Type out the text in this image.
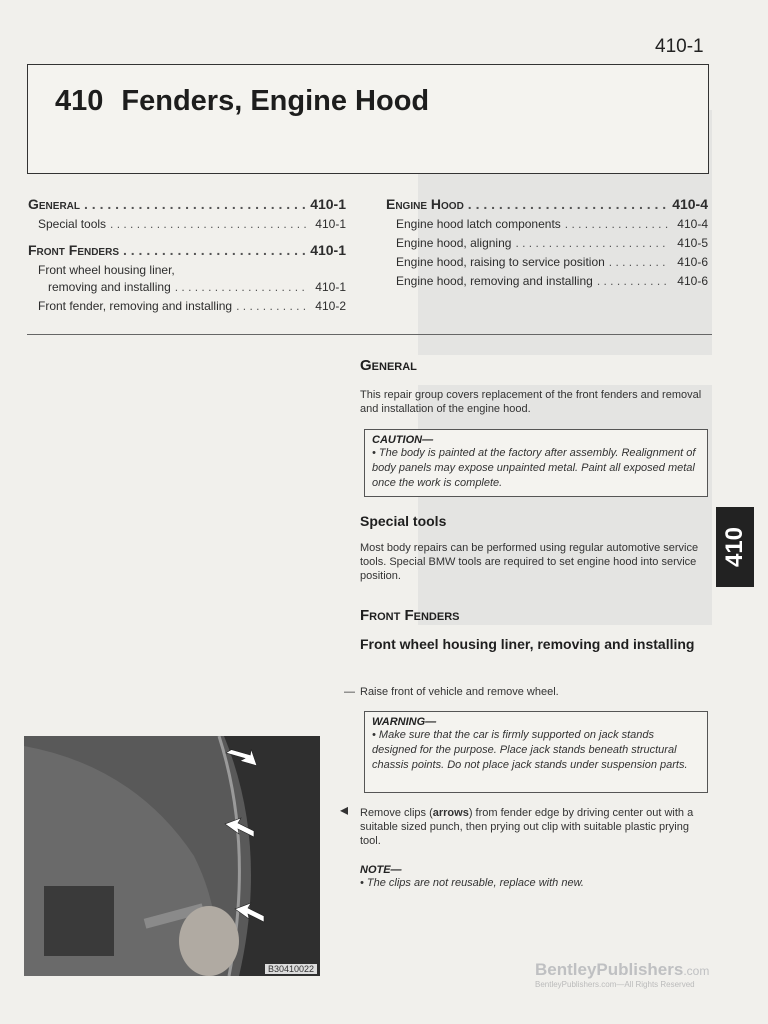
410-1
410 Fenders, Engine Hood
General . . .	410-1
Special tools . . .	410-1
Front Fenders . . .	410-1
Front wheel housing liner,
removing and installing . . .	410-1
Front fender, removing and installing . . .	410-2
Engine Hood . . .	410-4
Engine hood latch components . . .	410-4
Engine hood, aligning . . .	410-5
Engine hood, raising to service position . . .	410-6
Engine hood, removing and installing . . .	410-6
General
This repair group covers replacement of the front fenders and removal and installation of the engine hood.
CAUTION—
• The body is painted at the factory after assembly. Realignment of body panels may expose unpainted metal. Paint all exposed metal once the work is complete.
Special tools
Most body repairs can be performed using regular automotive service tools. Special BMW tools are required to set engine hood into service position.
Front Fenders
Front wheel housing liner, removing and installing
— Raise front of vehicle and remove wheel.
WARNING—
• Make sure that the car is firmly supported on jack stands designed for the purpose. Place jack stands beneath structural chassis points. Do not place jack stands under suspension parts.
◂ Remove clips (arrows) from fender edge by driving center out with a suitable sized punch, then prying out clip with suitable plastic prying tool.
NOTE—
• The clips are not reusable, replace with new.
410
B30410022	BentleyPublishers.com
BentleyPublishers.com—All Rights Reserved
